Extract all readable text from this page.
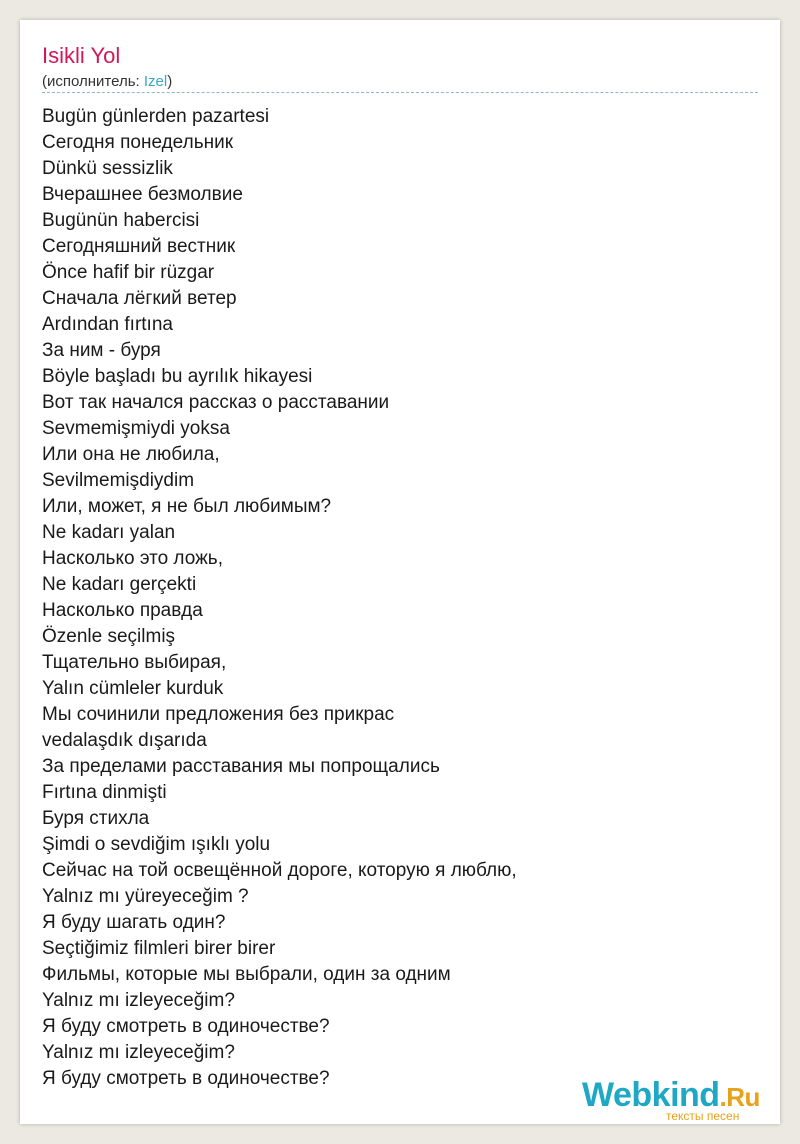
Isikli Yol
(исполнитель: Izel)
Bugün günlerden pazartesi
Сегодня понедельник
Dünkü sessizlik
Вчерашнее безмолвие
Bugünün habercisi
Сегодняшний вестник
Önce hafif bir rüzgar
Сначала лёгкий ветер
Ardından fırtına
За ним - буря
Böyle başladı bu ayrılık hikayesi
Вот так начался рассказ о расставании
Sevmemişmiydi yoksa
Или она не любила,
Sevilmemişdiydim
Или, может, я не был любимым?
Ne kadarı yalan
Насколько это ложь,
Ne kadarı gerçekti
Насколько правда
Özenle seçilmiş
Тщательно выбирая,
Yalın cümleler kurduk
Мы сочинили предложения без прикрас
vedalaşdık dışarıda
За пределами расставания мы попрощались
Fırtına dinmişti
Буря стихла
Şimdi o sevdiğim ışıklı yolu
Сейчас на той освещённой дороге, которую я люблю,
Yalnız mı yüreyeceğim ?
Я буду шагать один?
Seçtiğimiz filmleri birer birer
Фильмы, которые мы выбрали, один за одним
Yalnız mı izleyeceğim?
Я буду смотреть в одиночестве?
Yalnız mı izleyeceğim?
Я буду смотреть в одиночестве?	Webkind.Ru
тексты песен
